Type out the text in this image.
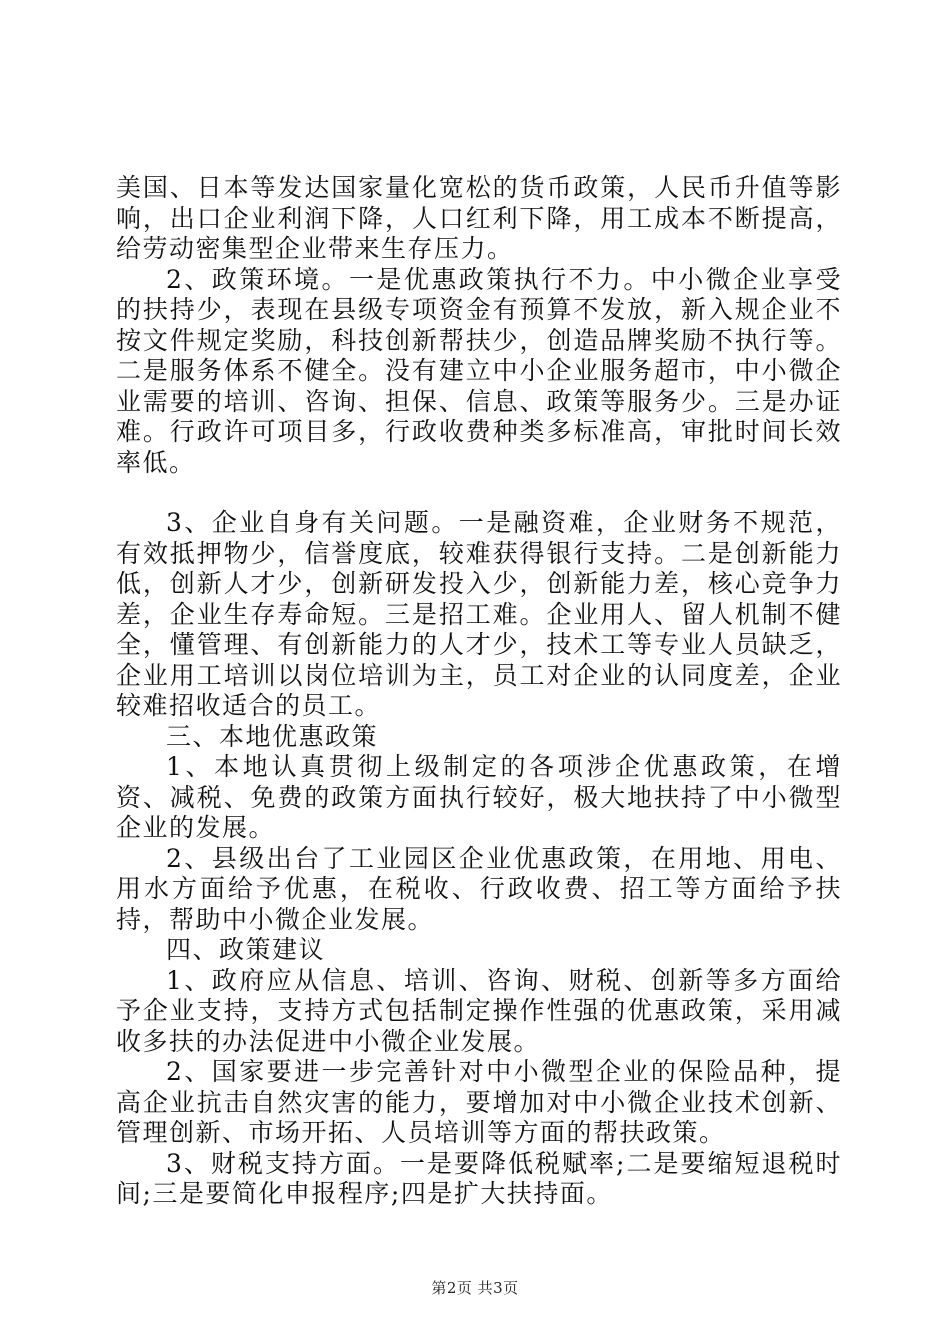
美国、日本等发达国家量化宽松的货币政策，人民币升值等影响，出口企业利润下降，人口红利下降，用工成本不断提高，给劳动密集型企业带来生存压力。

2、政策环境。一是优惠政策执行不力。中小微企业享受的扶持少，表现在县级专项资金有预算不发放，新入规企业不按文件规定奖励，科技创新帮扶少，创造品牌奖励不执行等。二是服务体系不健全。没有建立中小企业服务超市，中小微企业需要的培训、咨询、担保、信息、政策等服务少。三是办证难。行政许可项目多，行政收费种类多标准高，审批时间长效率低。

3、企业自身有关问题。一是融资难，企业财务不规范，有效抵押物少，信誉度底，较难获得银行支持。二是创新能力低，创新人才少，创新研发投入少，创新能力差，核心竞争力差，企业生存寿命短。三是招工难。企业用人、留人机制不健全，懂管理、有创新能力的人才少，技术工等专业人员缺乏，企业用工培训以岗位培训为主，员工对企业的认同度差，企业较难招收适合的员工。

三、本地优惠政策

1、本地认真贯彻上级制定的各项涉企优惠政策，在增资、减税、免费的政策方面执行较好，极大地扶持了中小微型企业的发展。

2、县级出台了工业园区企业优惠政策，在用地、用电、用水方面给予优惠，在税收、行政收费、招工等方面给予扶持，帮助中小微企业发展。

四、政策建议

1、政府应从信息、培训、咨询、财税、创新等多方面给予企业支持，支持方式包括制定操作性强的优惠政策，采用减收多扶的办法促进中小微企业发展。

2、国家要进一步完善针对中小微型企业的保险品种，提高企业抗击自然灾害的能力，要增加对中小微企业技术创新、管理创新、市场开拓、人员培训等方面的帮扶政策。

3、财税支持方面。一是要降低税赋率;二是要缩短退税时间;三是要简化申报程序;四是扩大扶持面。

第2页 共3页
